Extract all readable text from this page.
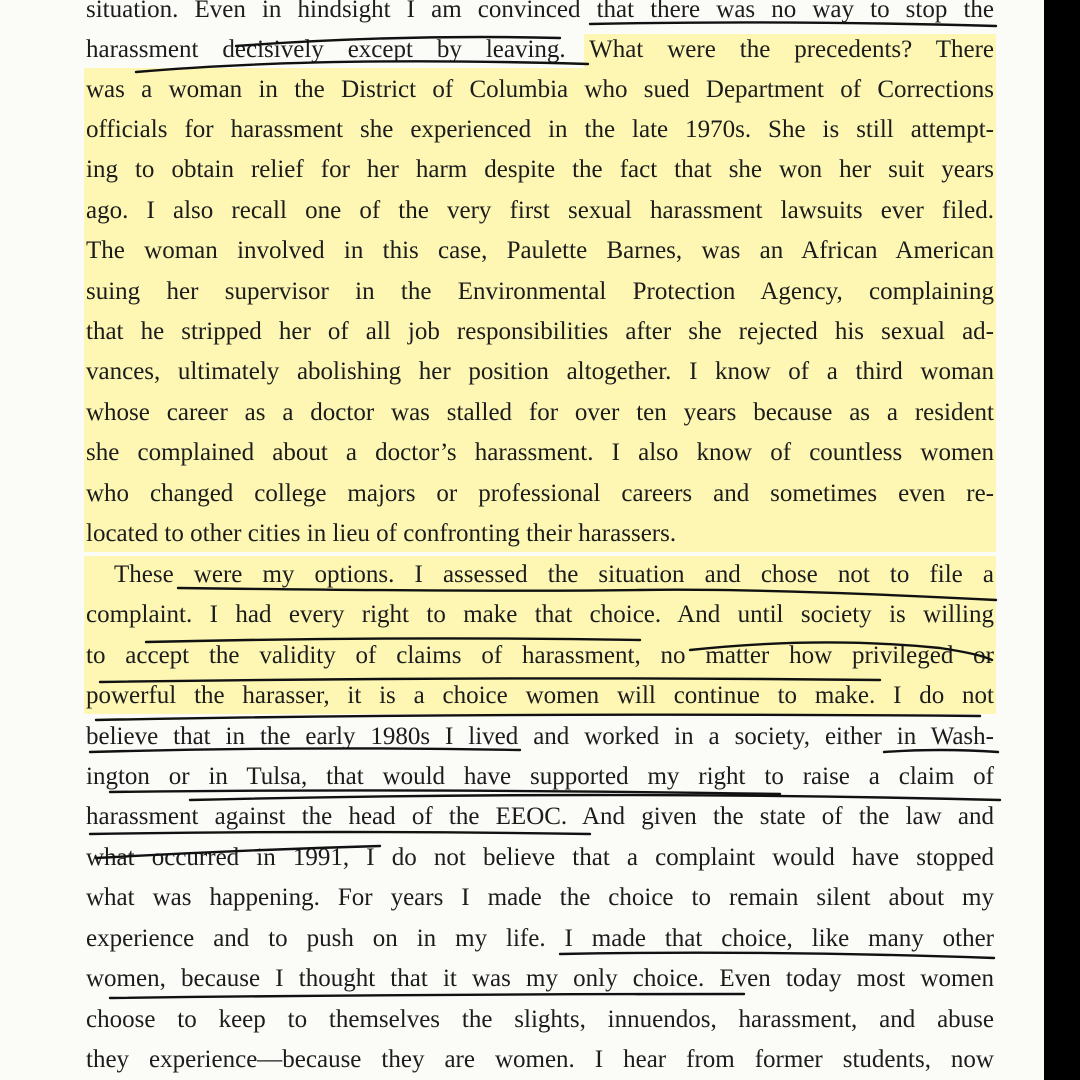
situation. Even in hindsight I am convinced that there was no way to stop the
harassment decisively except by leaving. What were the precedents? There
was a woman in the District of Columbia who sued Department of Corrections
officials for harassment she experienced in the late 1970s. She is still attempt-
ing to obtain relief for her harm despite the fact that she won her suit years
ago. I also recall one of the very first sexual harassment lawsuits ever filed.
The woman involved in this case, Paulette Barnes, was an African American
suing her supervisor in the Environmental Protection Agency, complaining
that he stripped her of all job responsibilities after she rejected his sexual ad-
vances, ultimately abolishing her position altogether. I know of a third woman
whose career as a doctor was stalled for over ten years because as a resident
she complained about a doctor’s harassment. I also know of countless women
who changed college majors or professional careers and sometimes even re-
located to other cities in lieu of confronting their harassers.
These were my options. I assessed the situation and chose not to file a
complaint. I had every right to make that choice. And until society is willing
to accept the validity of claims of harassment, no matter how privileged or
powerful the harasser, it is a choice women will continue to make. I do not
believe that in the early 1980s I lived and worked in a society, either in Wash-
ington or in Tulsa, that would have supported my right to raise a claim of
harassment against the head of the EEOC. And given the state of the law and
what occurred in 1991, I do not believe that a complaint would have stopped
what was happening. For years I made the choice to remain silent about my
experience and to push on in my life. I made that choice, like many other
women, because I thought that it was my only choice. Even today most women
choose to keep to themselves the slights, innuendos, harassment, and abuse
they experience—because they are women. I hear from former students, now
